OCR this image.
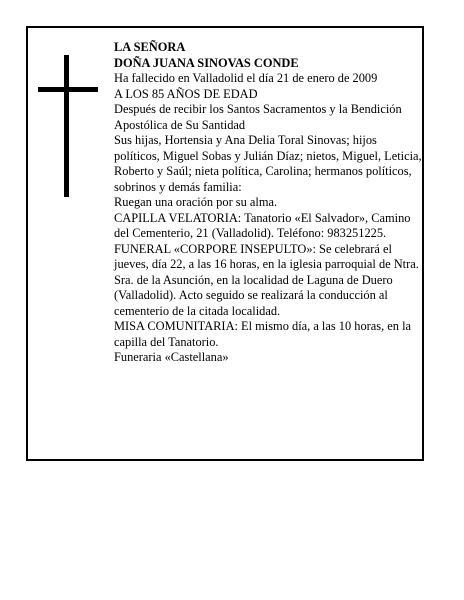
LA SEÑORA

DOÑA JUANA SINOVAS CONDE

Ha fallecido en Valladolid el día 21 de enero de 2009

A LOS 85 AÑOS DE EDAD

Después de recibir los Santos Sacramentos y la Bendición Apostólica de Su Santidad

Sus hijas, Hortensia y Ana Delia Toral Sinovas; hijos políticos, Miguel Sobas y Julián Díaz; nietos, Miguel, Leticia, Roberto y Saúl; nieta política, Carolina; hermanos políticos, sobrinos y demás familia:

Ruegan una oración por su alma.

CAPILLA VELATORIA: Tanatorio «El Salvador», Camino del Cementerio, 21 (Valladolid). Teléfono: 983251225.

FUNERAL «CORPORE INSEPULTO»: Se celebrará el jueves, día 22, a las 16 horas, en la iglesia parroquial de Ntra. Sra. de la Asunción, en la localidad de Laguna de Duero (Valladolid). Acto seguido se realizará la conducción al cementerio de la citada localidad.

MISA COMUNITARIA: El mismo día, a las 10 horas, en la capilla del Tanatorio.

Funeraria «Castellana»
